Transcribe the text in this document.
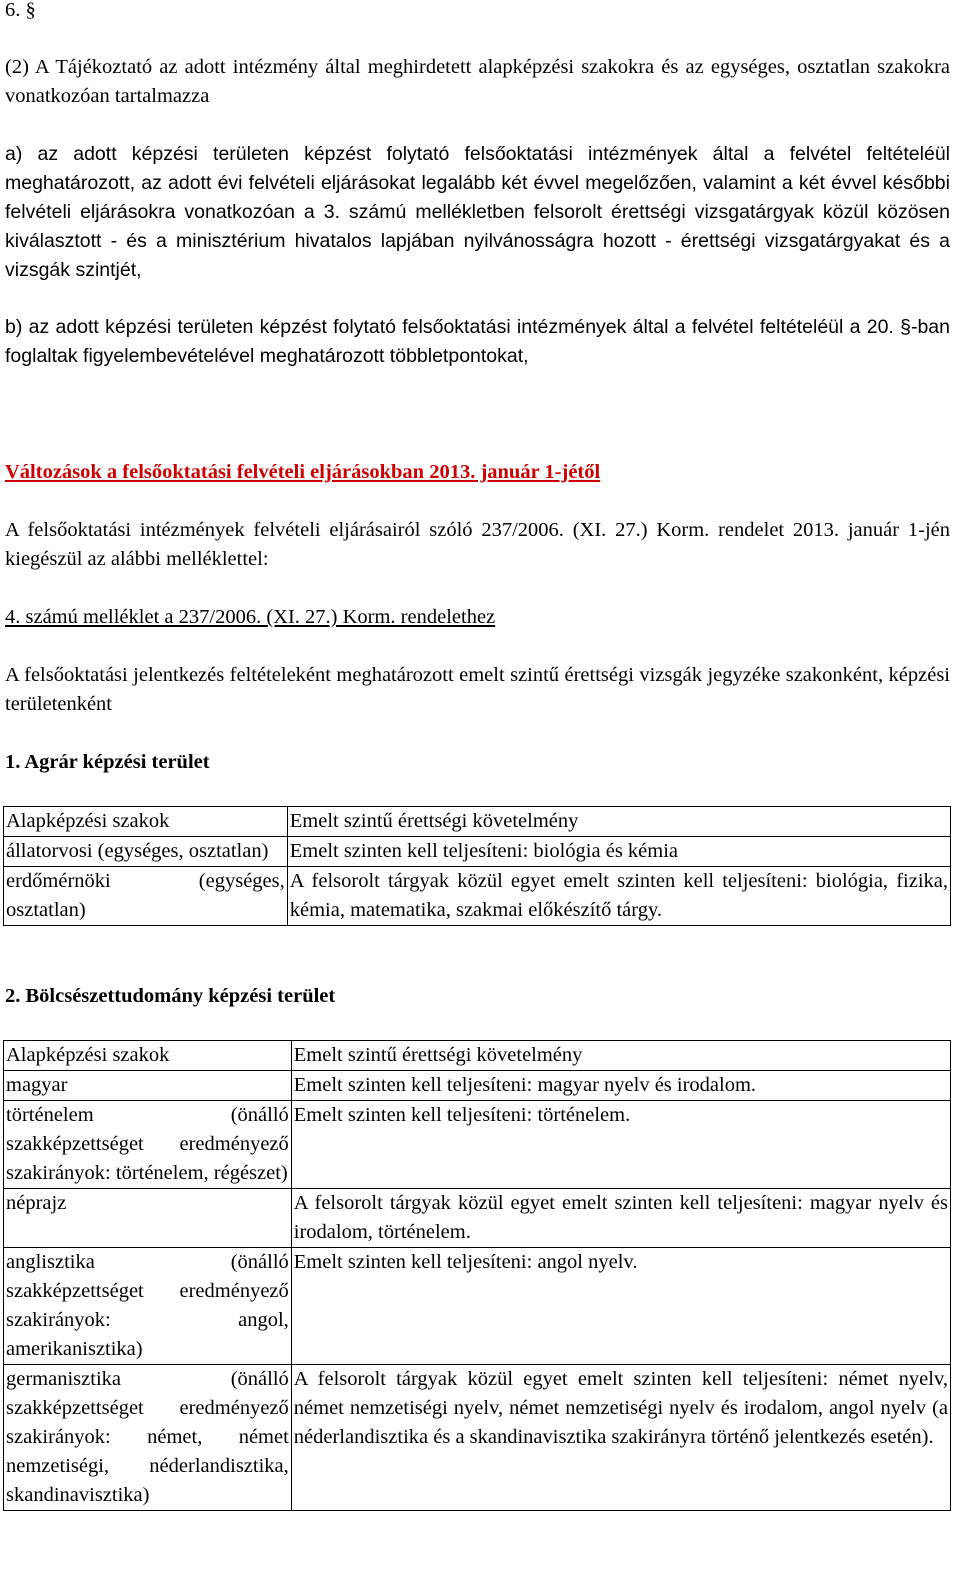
6. §

(2) A Tájékoztató az adott intézmény által meghirdetett alapképzési szakokra és az egységes, osztatlan szakokra vonatkozóan tartalmazza

a) az adott képzési területen képzést folytató felsőoktatási intézmények által a felvétel feltételéül meghatározott, az adott évi felvételi eljárásokat legalább két évvel megelőzően, valamint a két évvel későbbi felvételi eljárásokra vonatkozóan a 3. számú mellékletben felsorolt érettségi vizsgatárgyak közül közösen kiválasztott - és a minisztérium hivatalos lapjában nyilvánosságra hozott - érettségi vizsgatárgyakat és a vizsgák szintjét,

b) az adott képzési területen képzést folytató felsőoktatási intézmények által a felvétel feltételéül a 20. §-ban foglaltak figyelembevételével meghatározott többletpontokat,

Változások a felsőoktatási felvételi eljárásokban 2013. január 1-jétől

A felsőoktatási intézmények felvételi eljárásairól szóló 237/2006. (XI. 27.) Korm. rendelet 2013. január 1-jén kiegészül az alábbi melléklettel:

4. számú melléklet a 237/2006. (XI. 27.) Korm. rendelethez

A felsőoktatási jelentkezés feltételeként meghatározott emelt szintű érettségi vizsgák jegyzéke szakonként, képzési területenként

1. Agrár képzési terület
Alapképzési szakok	Emelt szintű érettségi követelmény
állatorvosi (egységes, osztatlan)	Emelt szinten kell teljesíteni: biológia és kémia
erdőmérnöki (egységes, osztatlan)	A felsorolt tárgyak közül egyet emelt szinten kell teljesíteni: biológia, fizika, kémia, matematika, szakmai előkészítő tárgy.
2. Bölcsészettudomány képzési terület
Alapképzési szakok	Emelt szintű érettségi követelmény
magyar	Emelt szinten kell teljesíteni: magyar nyelv és irodalom.
történelem (önálló szakképzettséget eredményező szakirányok: történelem, régészet)	Emelt szinten kell teljesíteni: történelem.
néprajz	A felsorolt tárgyak közül egyet emelt szinten kell teljesíteni: magyar nyelv és irodalom, történelem.
anglisztika (önálló szakképzettséget eredményező szakirányok: angol, amerikanisztika)	Emelt szinten kell teljesíteni: angol nyelv.
germanisztika (önálló szakképzettséget eredményező szakirányok: német, német nemzetiségi, néderlandisztika, skandinavisztika)	A felsorolt tárgyak közül egyet emelt szinten kell teljesíteni: német nyelv, német nemzetiségi nyelv, német nemzetiségi nyelv és irodalom, angol nyelv (a néderlandisztika és a skandinavisztika szakirányra történő jelentkezés esetén).
